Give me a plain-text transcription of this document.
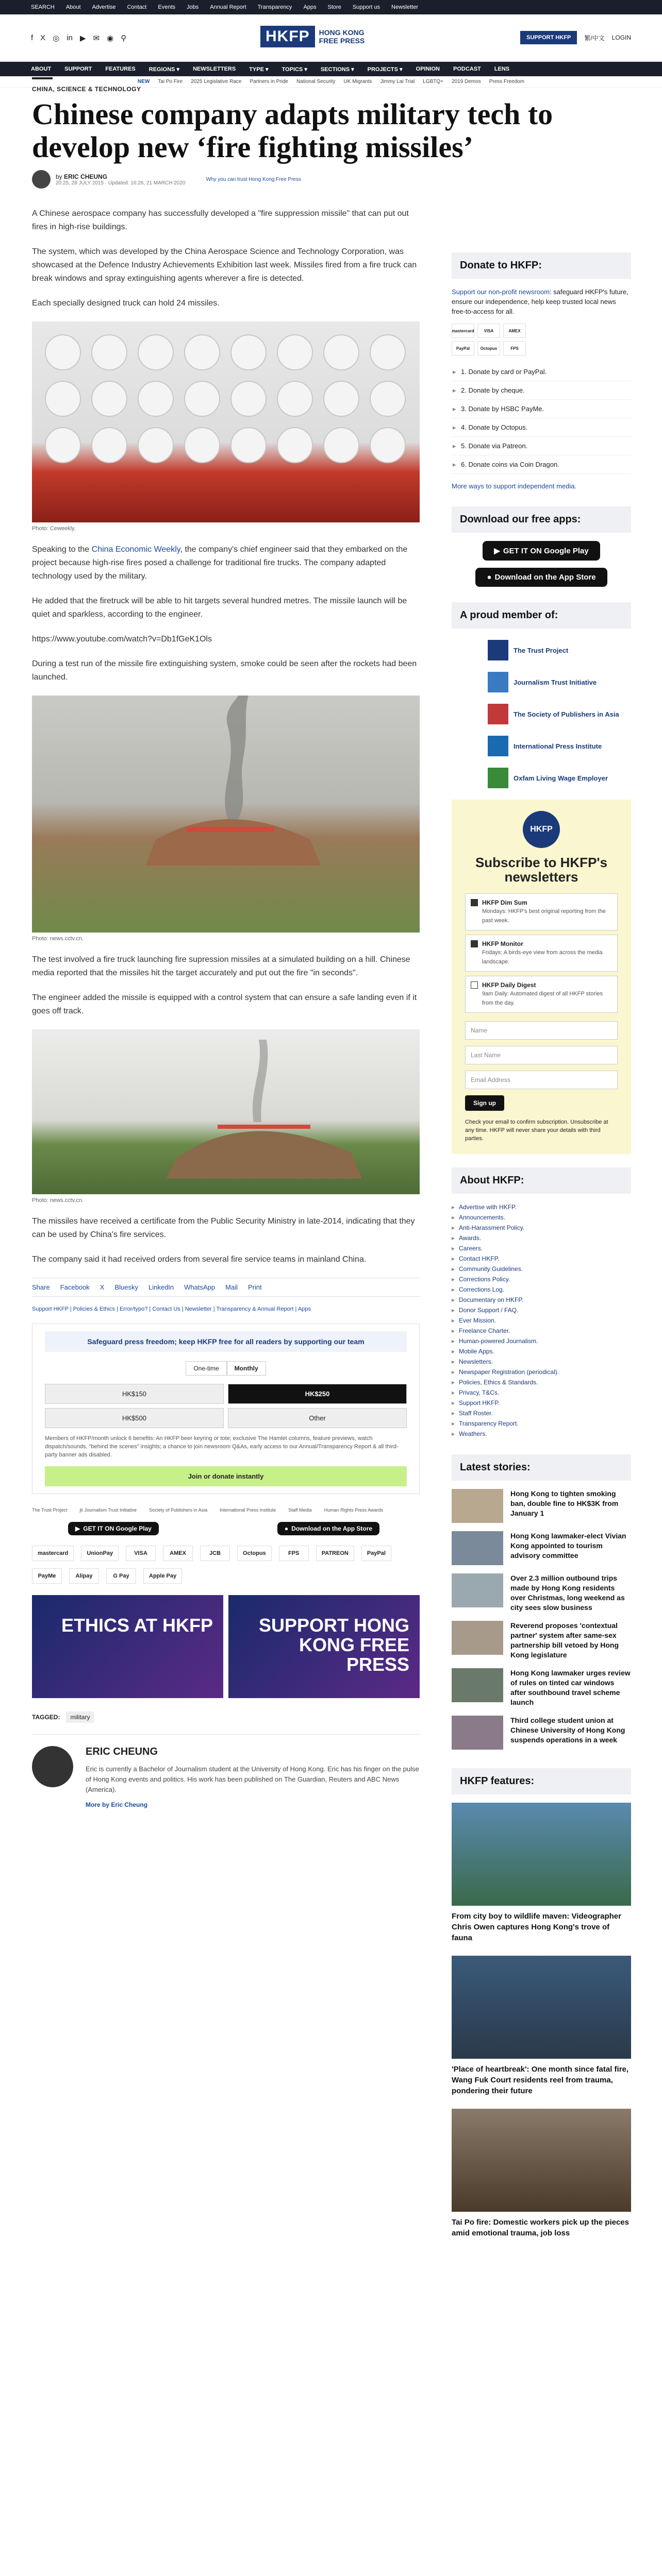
SEARCH About Advertise Contact Events Jobs Annual Report Transparency Apps Store Support us Newsletter
f X ◎ in ▶ ✉ ◉ ⚲	HKFP	HONG KONG
FREE PRESS	SUPPORT HKFP	繁/中文 LOGIN
ABOUT SUPPORT FEATURES REGIONS ▾ NEWSLETTERS TYPE ▾ TOPICS ▾ SECTIONS ▾ PROJECTS ▾ OPINION PODCAST LENS
NEW Tai Po Fire 2025 Legislative Race Partners in Pride National Security UK Migrants Jimmy Lai Trial LGBTQ+ 2019 Demos Press Freedom
CHINA, SCIENCE & TECHNOLOGY
Chinese company adapts military tech to develop new ‘fire fighting missiles’
by ERIC CHEUNG
20:25, 28 JULY 2015 · Updated: 16:26, 21 MARCH 2020
Why you can trust Hong Kong Free Press

A Chinese aerospace company has successfully developed a "fire suppression missile" that can put out fires in high-rise buildings.

The system, which was developed by the China Aerospace Science and Technology Corporation, was showcased at the Defence Industry Achievements Exhibition last week. Missiles fired from a fire truck can break windows and spray extinguishing agents wherever a fire is detected.

Each specially designed truck can hold 24 missiles.

Photo: Ceweekly.

Speaking to the China Economic Weekly, the company's chief engineer said that they embarked on the project because high-rise fires posed a challenge for traditional fire trucks. The company adapted technology used by the military.

He added that the firetruck will be able to hit targets several hundred metres. The missile launch will be quiet and sparkless, according to the engineer.

https://www.youtube.com/watch?v=Db1fGeK1Ols

During a test run of the missile fire extinguishing system, smoke could be seen after the rockets had been launched.

Photo: news.cctv.cn.

The test involved a fire truck launching fire supression missiles at a simulated building on a hill. Chinese media reported that the missiles hit the target accurately and put out the fire "in seconds".

The engineer added the missile is equipped with a control system that can ensure a safe landing even if it goes off track.

Photo: news.cctv.cn.

The missiles have received a certificate from the Public Security Ministry in late-2014, indicating that they can be used by China's fire services.

The company said it had received orders from several fire service teams in mainland China.

Share Facebook X Bluesky LinkedIn WhatsApp Mail Print
Support HKFP | Policies & Ethics | Error/typo? | Contact Us | Newsletter | Transparency & Annual Report | Apps
Safeguard press freedom; keep HKFP free for all readers by supporting our team
One-time	Monthly
HK$150	HK$250
HK$500	Other

Members of HKFP/month unlock 6 benefits: An HKFP beer keyring or tote; exclusive The Hamlet columns, feature previews, watch dispatch/sounds, "behind the scenes" insights; a chance to join newsroom Q&As, early access to our Annual/Transparency Report & all third-party banner ads disabled.

Join or donate instantly
The Trust Project	jti Journalism Trust Initiative	Society of Publishers in Asia	International Press Institute	Staff Media	Human Rights Press Awards
▶ GET IT ON Google Play	● Download on the App Store
mastercard	UnionPay	VISA	AMEX	JCB	Octopus	FPS	PATREON	PayPal
PayMe	Alipay	G Pay	Apple Pay
ETHICS AT HKFP	SUPPORT HONG KONG FREE PRESS
TAGGED: military
ERIC CHEUNG

Eric is currently a Bachelor of Journalism student at the University of Hong Kong. Eric has his finger on the pulse of Hong Kong events and politics. His work has been published on The Guardian, Reuters and ABC News (America).

More by Eric Cheung
Donate to HKFP:

Support our non-profit newsroom: safeguard HKFP's future, ensure our independence, help keep trusted local news free-to-access for all.

mastercard	VISA	AMEX
PayPal	Octopus	FPS
▸ 1. Donate by card or PayPal.
▸ 2. Donate by cheque.
▸ 3. Donate by HSBC PayMe.
▸ 4. Donate by Octopus.
▸ 5. Donate via Patreon.
▸ 6. Donate coins via Coin Dragon.

More ways to support independent media.

Download our free apps:
▶ GET IT ON Google Play
● Download on the App Store
A proud member of:
The Trust Project
Journalism Trust Initiative
The Society of Publishers in Asia
International Press Institute
Oxfam Living Wage Employer
HKFP
Subscribe to HKFP's newsletters
HKFP Dim Sum
Mondays: HKFP's best original reporting from the past week.
HKFP Monitor
Fridays: A birds-eye view from across the media landscape.
HKFP Daily Digest
9am Daily: Automated digest of all HKFP stories from the day.
Name
Last Name
Email Address
Sign up

Check your email to confirm subscription. Unsubscribe at any time. HKFP will never share your details with third parties.

About HKFP:
▸ Advertise with HKFP.
▸ Announcements.
▸ Anti-Harassment Policy.
▸ Awards.
▸ Careers.
▸ Contact HKFP.
▸ Community Guidelines.
▸ Corrections Policy.
▸ Corrections Log.
▸ Documentary on HKFP.
▸ Donor Support / FAQ.
▸ Ever Mission.
▸ Freelance Charter.
▸ Human-powered Journalism.
▸ Mobile Apps.
▸ Newsletters.
▸ Newspaper Registration (periodical).
▸ Policies, Ethics & Standards.
▸ Privacy, T&Cs.
▸ Support HKFP.
▸ Staff Roster.
▸ Transparency Report.
▸ Weathers.
Latest stories:
Hong Kong to tighten smoking ban, double fine to HK$3K from January 1
Hong Kong lawmaker-elect Vivian Kong appointed to tourism advisory committee
Over 2.3 million outbound trips made by Hong Kong residents over Christmas, long weekend as city sees slow business
Reverend proposes 'contextual partner' system after same-sex partnership bill vetoed by Hong Kong legislature
Hong Kong lawmaker urges review of rules on tinted car windows after southbound travel scheme launch
Third college student union at Chinese University of Hong Kong suspends operations in a week
HKFP features:
From city boy to wildlife maven: Videographer Chris Owen captures Hong Kong's trove of fauna
'Place of heartbreak': One month since fatal fire, Wang Fuk Court residents reel from trauma, pondering their future
Tai Po fire: Domestic workers pick up the pieces amid emotional trauma, job loss
